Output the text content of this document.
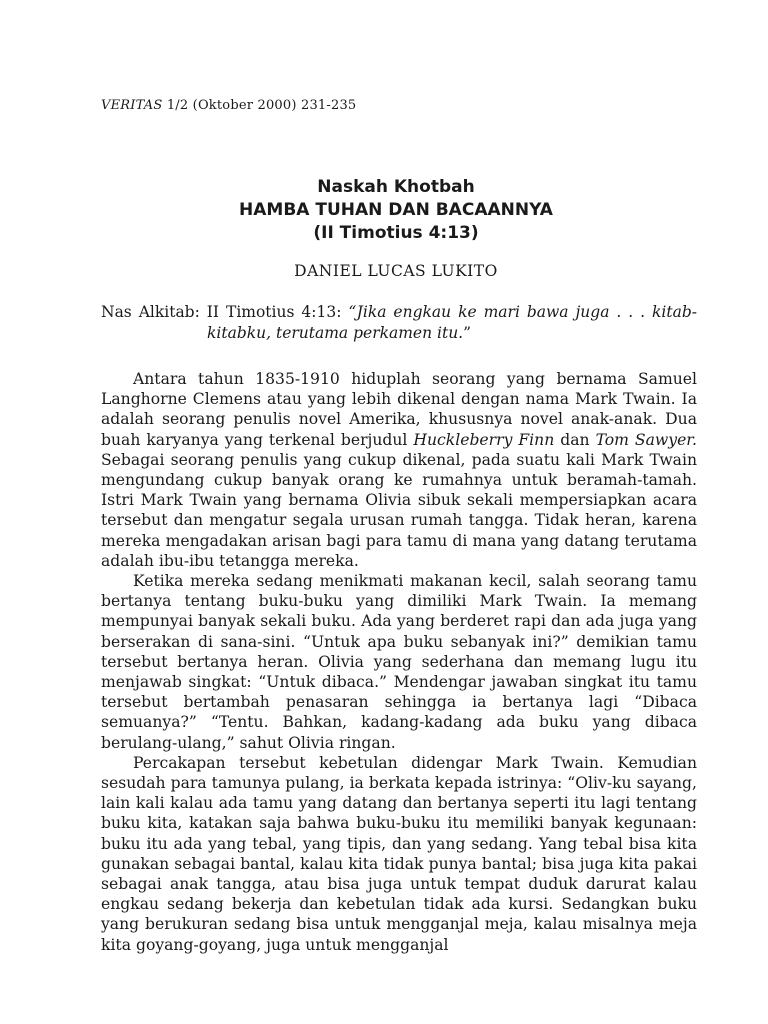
VERITAS 1/2 (Oktober 2000) 231-235
Naskah Khotbah
HAMBA TUHAN DAN BACAANNYA
(II Timotius 4:13)
DANIEL LUCAS LUKITO
Nas Alkitab: II Timotius 4:13: “Jika engkau ke mari bawa juga . . . kitab-
kitabku, terutama perkamen itu.”

Antara tahun 1835-1910 hiduplah seorang yang bernama Samuel Langhorne Clemens atau yang lebih dikenal dengan nama Mark Twain. Ia adalah seorang penulis novel Amerika, khususnya novel anak-anak. Dua buah karyanya yang terkenal berjudul Huckleberry Finn dan Tom Sawyer. Sebagai seorang penulis yang cukup dikenal, pada suatu kali Mark Twain mengundang cukup banyak orang ke rumahnya untuk beramah-tamah. Istri Mark Twain yang bernama Olivia sibuk sekali mempersiapkan acara tersebut dan mengatur segala urusan rumah tangga. Tidak heran, karena mereka mengadakan arisan bagi para tamu di mana yang datang terutama adalah ibu-ibu tetangga mereka.

Ketika mereka sedang menikmati makanan kecil, salah seorang tamu bertanya tentang buku-buku yang dimiliki Mark Twain. Ia memang mempunyai banyak sekali buku. Ada yang berderet rapi dan ada juga yang berserakan di sana-sini. “Untuk apa buku sebanyak ini?” demikian tamu tersebut bertanya heran. Olivia yang sederhana dan memang lugu itu menjawab singkat: “Untuk dibaca.” Mendengar jawaban singkat itu tamu tersebut bertambah penasaran sehingga ia bertanya lagi “Dibaca semuanya?” “Tentu. Bahkan, kadang-kadang ada buku yang dibaca berulang-ulang,” sahut Olivia ringan.

Percakapan tersebut kebetulan didengar Mark Twain. Kemudian sesudah para tamunya pulang, ia berkata kepada istrinya: “Oliv-ku sayang, lain kali kalau ada tamu yang datang dan bertanya seperti itu lagi tentang buku kita, katakan saja bahwa buku-buku itu memiliki banyak kegunaan: buku itu ada yang tebal, yang tipis, dan yang sedang. Yang tebal bisa kita gunakan sebagai bantal, kalau kita tidak punya bantal; bisa juga kita pakai sebagai anak tangga, atau bisa juga untuk tempat duduk darurat kalau engkau sedang bekerja dan kebetulan tidak ada kursi. Sedangkan buku yang berukuran sedang bisa untuk mengganjal meja, kalau misalnya meja kita goyang-goyang, juga untuk mengganjal
